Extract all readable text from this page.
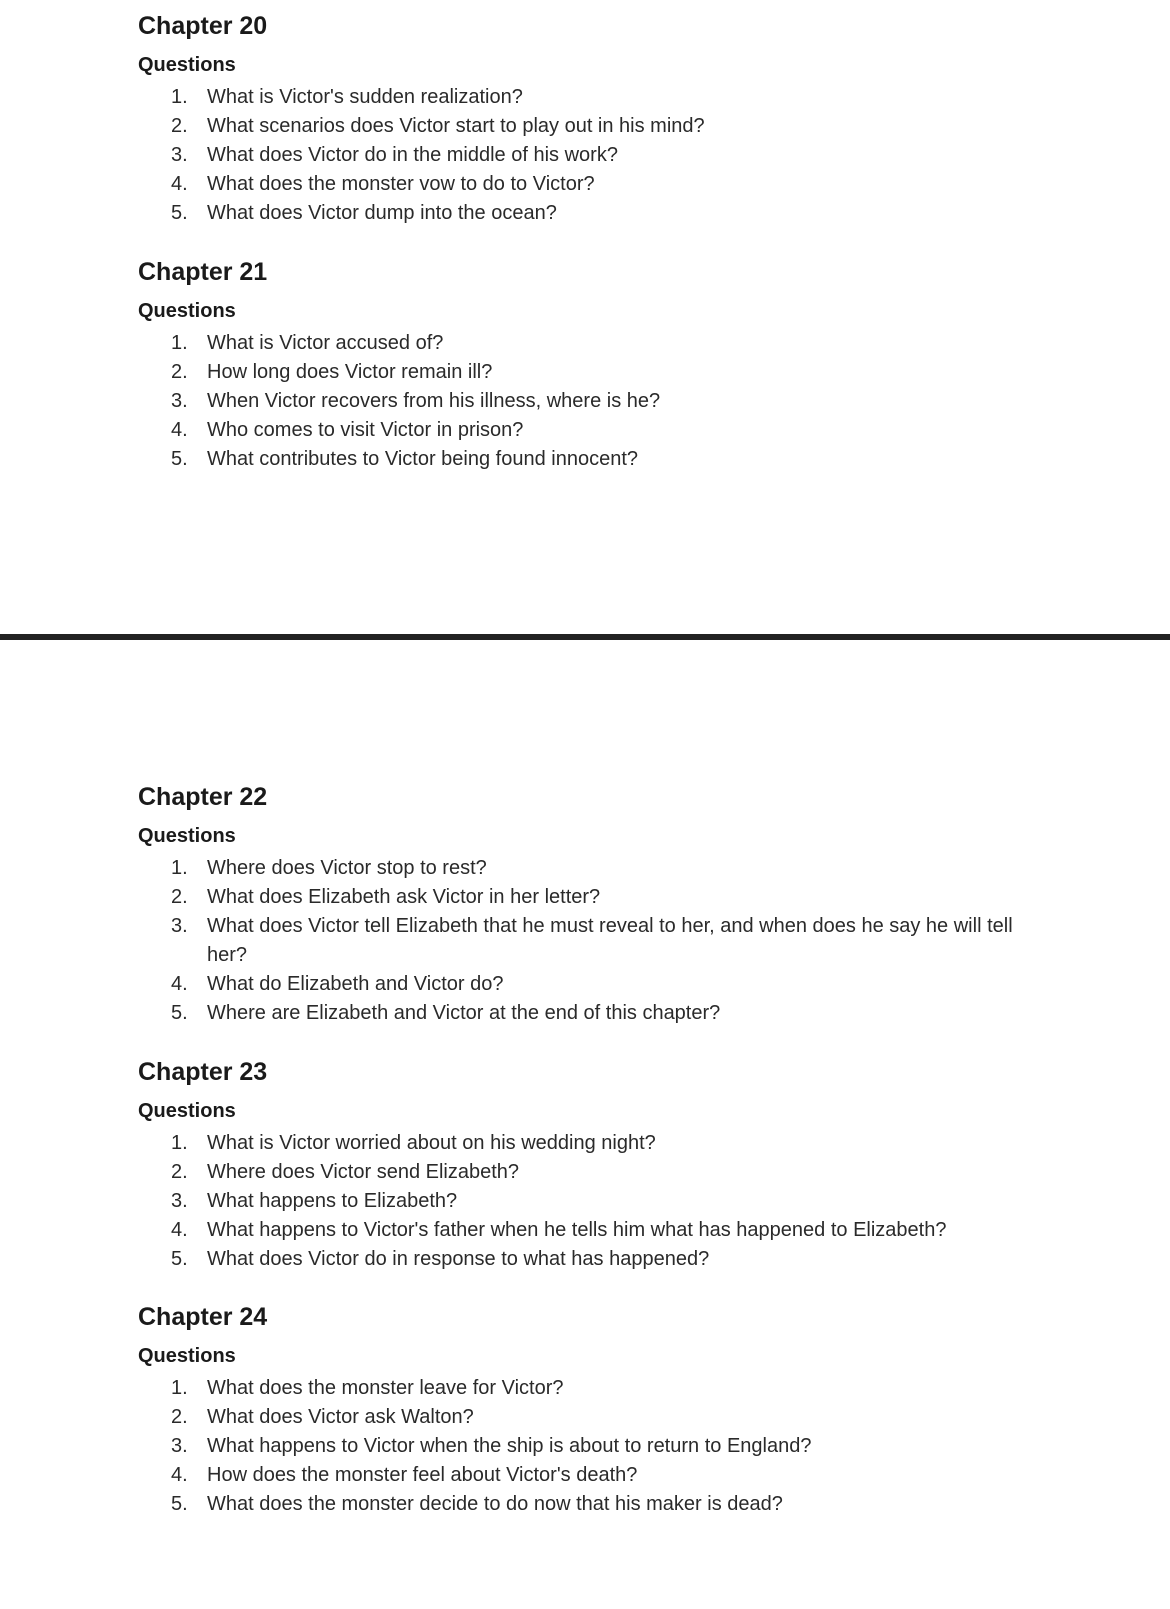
Chapter 20
Questions
1. What is Victor's sudden realization?
2. What scenarios does Victor start to play out in his mind?
3. What does Victor do in the middle of his work?
4. What does the monster vow to do to Victor?
5. What does Victor dump into the ocean?
Chapter 21
Questions
1. What is Victor accused of?
2. How long does Victor remain ill?
3. When Victor recovers from his illness, where is he?
4. Who comes to visit Victor in prison?
5. What contributes to Victor being found innocent?
Chapter 22
Questions
1. Where does Victor stop to rest?
2. What does Elizabeth ask Victor in her letter?
3. What does Victor tell Elizabeth that he must reveal to her, and when does he say he will tell her?
4. What do Elizabeth and Victor do?
5. Where are Elizabeth and Victor at the end of this chapter?
Chapter 23
Questions
1. What is Victor worried about on his wedding night?
2. Where does Victor send Elizabeth?
3. What happens to Elizabeth?
4. What happens to Victor's father when he tells him what has happened to Elizabeth?
5. What does Victor do in response to what has happened?
Chapter 24
Questions
1. What does the monster leave for Victor?
2. What does Victor ask Walton?
3. What happens to Victor when the ship is about to return to England?
4. How does the monster feel about Victor's death?
5. What does the monster decide to do now that his maker is dead?
